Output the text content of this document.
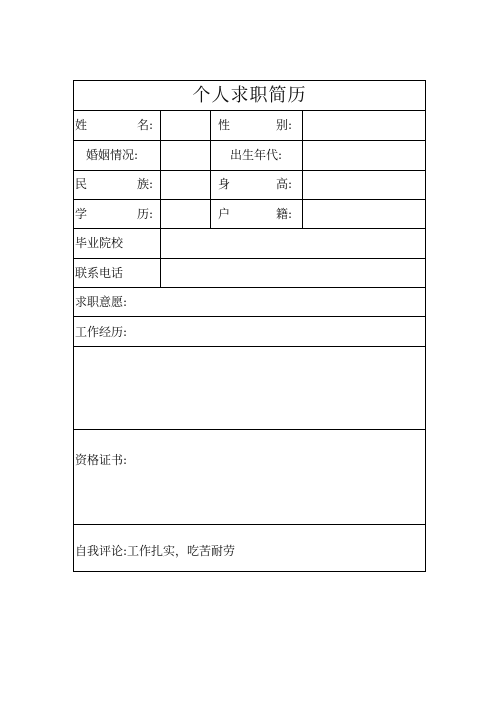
个人求职简历
姓	名:	性	别:
婚姻情况:	出生年代:
民	族:	身	高:
学	历:	户	籍:
毕业院校
联系电话
求职意愿:
工作经历:
资格证书:
自我评论:工作扎实，吃苦耐劳
